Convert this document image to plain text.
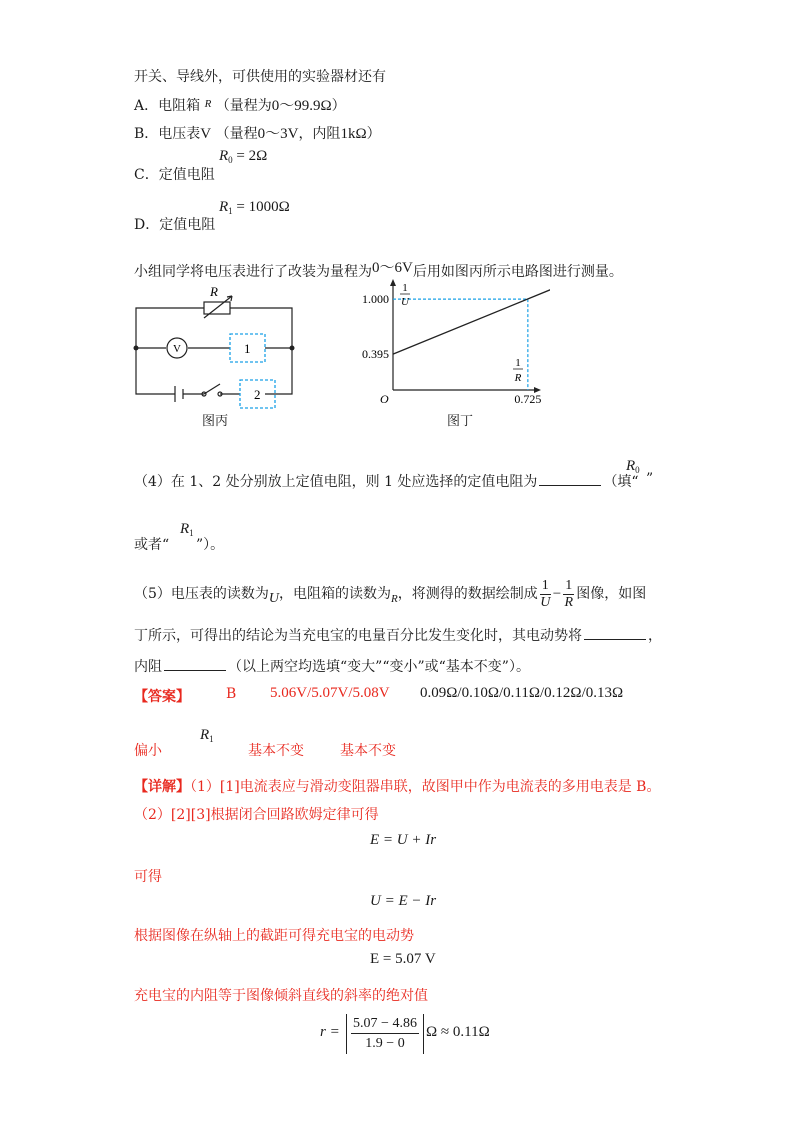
开关、导线外，可供使用的实验器材还有
A．电阻箱 $^R$ （量程为0～99.9Ω）
B．电压表V （量程0～3V，内阻1kΩ）
C．定值电阻
$R_0 = 2\Omega$
D．定值电阻
$R_1 = 1000\Omega$
小组同学将电压表进行了改装为量程为0～6V后用如图丙所示电路图进行测量。
R
V	1
2
图丙
0.395
1.000
0.725
O
1
U
1
R
图丁
（4）在 1、2 处分别放上定值电阻，则 1 处应选择的定值电阻为	（填“
$R_0$
”
或者“
$R_1$
”）。
（5）电压表的读数为U，电阻箱的读数为$_R$，将测得的数据绘制成 $\frac{1}{U} - \frac{1}{R}$ 图像，如图
丁所示，可得出的结论为当充电宝的电量百分比发生变化时，其电动势将	，
内阻	（以上两空均选填“变大”“变小”或“基本不变”）。
【答案】	B 5.06V/5.07V/5.08V 0.09Ω/0.10Ω/0.11Ω/0.12Ω/0.13Ω
偏小
$R_1$
基本不变	基本不变
【详解】（1）[1]电流表应与滑动变阻器串联，故图甲中作为电流表的多用电表是 B。
（2）[2][3]根据闭合回路欧姆定律可得
E = U + Ir
可得
U = E − Ir
根据图像在纵轴上的截距可得充电宝的电动势
E = 5.07 V
充电宝的内阻等于图像倾斜直线的斜率的绝对值
$r = \frac{5.07 - 4.86}{1.9 - 0}$ Ω ≈ 0.11Ω
